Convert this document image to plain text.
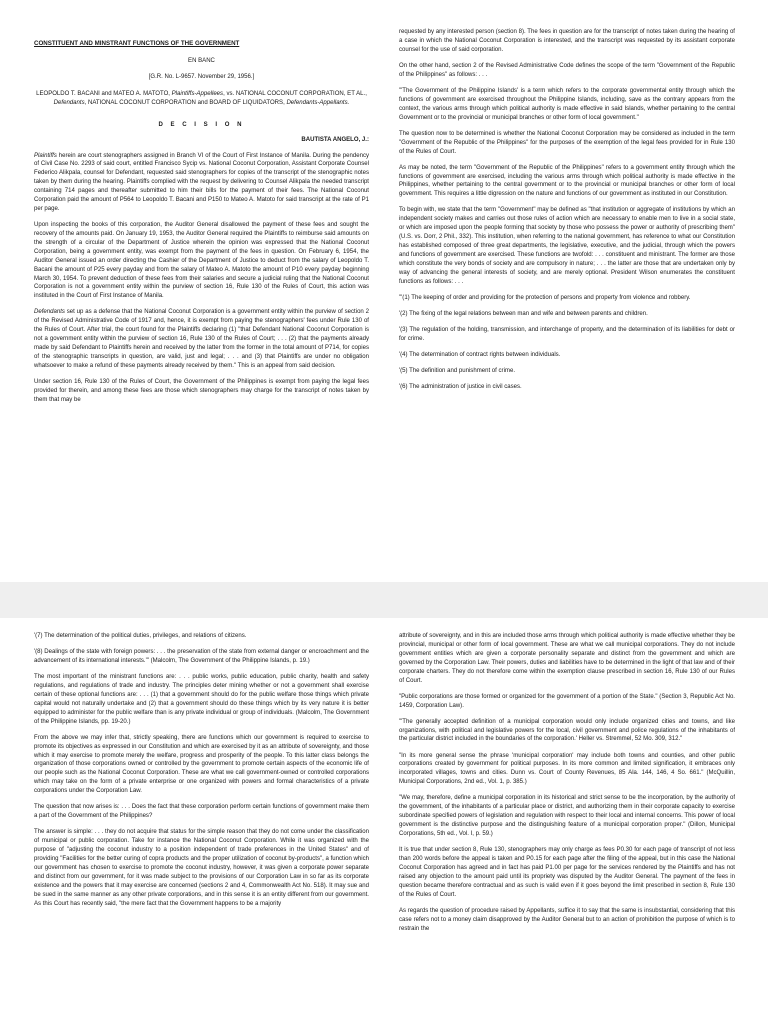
CONSTITUENT AND MINSTRANT FUNCTIONS OF THE GOVERNMENT
EN BANC
[G.R. No. L-9657. November 29, 1956.]
LEOPOLDO T. BACANI and MATEO A. MATOTO, Plaintiffs-Appellees, vs. NATIONAL COCONUT CORPORATION, ET AL., Defendants, NATIONAL COCONUT CORPORATION and BOARD OF LIQUIDATORS, Defendants-Appellants.
D E C I S I O N
BAUTISTA ANGELO, J.:

Plaintiffs herein are court stenographers assigned in Branch VI of the Court of First Instance of Manila. During the pendency of Civil Case No. 2293 of said court, entitled Francisco Sycip vs. National Coconut Corporation, Assistant Corporate Counsel Federico Alikpala, counsel for Defendant, requested said stenographers for copies of the transcript of the stenographic notes taken by them during the hearing. Plaintiffs complied with the request by delivering to Counsel Alikpala the needed transcript containing 714 pages and thereafter submitted to him their bills for the payment of their fees. The National Coconut Corporation paid the amount of P564 to Leopoldo T. Bacani and P150 to Mateo A. Matoto for said transcript at the rate of P1 per page.

Upon inspecting the books of this corporation, the Auditor General disallowed the payment of these fees and sought the recovery of the amounts paid. On January 19, 1953, the Auditor General required the Plaintiffs to reimburse said amounts on the strength of a circular of the Department of Justice wherein the opinion was expressed that the National Coconut Corporation, being a government entity, was exempt from the payment of the fees in question. On February 6, 1954, the Auditor General issued an order directing the Cashier of the Department of Justice to deduct from the salary of Leopoldo T. Bacani the amount of P25 every payday and from the salary of Mateo A. Matoto the amount of P10 every payday beginning March 30, 1954. To prevent deduction of these fees from their salaries and secure a judicial ruling that the National Coconut Corporation is not a government entity within the purview of section 16, Rule 130 of the Rules of Court, this action was instituted in the Court of First Instance of Manila.

Defendants set up as a defense that the National Coconut Corporation is a government entity within the purview of section 2 of the Revised Administrative Code of 1917 and, hence, it is exempt from paying the stenographers' fees under Rule 130 of the Rules of Court. After trial, the court found for the Plaintiffs declaring (1) "that Defendant National Coconut Corporation is not a government entity within the purview of section 16, Rule 130 of the Rules of Court; . . . (2) that the payments already made by said Defendant to Plaintiffs herein and received by the latter from the former in the total amount of P714, for copies of the stenographic transcripts in question, are valid, just and legal; . . . and (3) that Plaintiffs are under no obligation whatsoever to make a refund of these payments already received by them." This is an appeal from said decision.

Under section 16, Rule 130 of the Rules of Court, the Government of the Philippines is exempt from paying the legal fees provided for therein, and among these fees are those which stenographers may charge for the transcript of notes taken by them that may be

requested by any interested person (section 8). The fees in question are for the transcript of notes taken during the hearing of a case in which the National Coconut Corporation is interested, and the transcript was requested by its assistant corporate counsel for the use of said corporation.

On the other hand, section 2 of the Revised Administrative Code defines the scope of the term "Government of the Republic of the Philippines" as follows: . . .

"'The Government of the Philippine Islands' is a term which refers to the corporate governmental entity through which the functions of government are exercised throughout the Philippine Islands, including, save as the contrary appears from the context, the various arms through which political authority is made effective in said Islands, whether pertaining to the central Government or to the provincial or municipal branches or other form of local government."

The question now to be determined is whether the National Coconut Corporation may be considered as included in the term "Government of the Republic of the Philippines" for the purposes of the exemption of the legal fees provided for in Rule 130 of the Rules of Court.

As may be noted, the term "Government of the Republic of the Philippines" refers to a government entity through which the functions of government are exercised, including the various arms through which political authority is made effective in the Philippines, whether pertaining to the central government or to the provincial or municipal branches or other form of local government. This requires a little digression on the nature and functions of our government as instituted in our Constitution.

To begin with, we state that the term "Government" may be defined as "that institution or aggregate of institutions by which an independent society makes and carries out those rules of action which are necessary to enable men to live in a social state, or which are imposed upon the people forming that society by those who possess the power or authority of prescribing them" (U.S. vs. Dorr, 2 Phil., 332). This institution, when referring to the national government, has reference to what our Constitution has established composed of three great departments, the legislative, executive, and the judicial, through which the powers and functions of government are exercised. These functions are twofold: . . . constituent and ministrant. The former are those which constitute the very bonds of society and are compulsory in nature; . . . the latter are those that are undertaken only by way of advancing the general interests of society, and are merely optional. President Wilson enumerates the constituent functions as follows: . . .

"'(1) The keeping of order and providing for the protection of persons and property from violence and robbery.

'(2) The fixing of the legal relations between man and wife and between parents and children.

'(3) The regulation of the holding, transmission, and interchange of property, and the determination of its liabilities for debt or for crime.

'(4) The determination of contract rights between individuals.

'(5) The definition and punishment of crime.

'(6) The administration of justice in civil cases.

'(7) The determination of the political duties, privileges, and relations of citizens.

'(8) Dealings of the state with foreign powers: . . . the preservation of the state from external danger or encroachment and the advancement of its international interests.'" (Malcolm, The Government of the Philippine Islands, p. 19.)

The most important of the ministrant functions are: . . . public works, public education, public charity, health and safety regulations, and regulations of trade and industry. The principles deter mining whether or not a government shall exercise certain of these optional functions are: . . . (1) that a government should do for the public welfare those things which private capital would not naturally undertake and (2) that a government should do these things which by its very nature it is better equipped to administer for the public welfare than is any private individual or group of individuals. (Malcolm, The Government of the Philippine Islands, pp. 19-20.)

From the above we may infer that, strictly speaking, there are functions which our government is required to exercise to promote its objectives as expressed in our Constitution and which are exercised by it as an attribute of sovereignty, and those which it may exercise to promote merely the welfare, progress and prosperity of the people. To this latter class belongs the organization of those corporations owned or controlled by the government to promote certain aspects of the economic life of our people such as the National Coconut Corporation. These are what we call government-owned or controlled corporations which may take on the form of a private enterprise or one organized with powers and formal characteristics of a private corporations under the Corporation Law.

The question that now arises is: . . . Does the fact that these corporation perform certain functions of government make them a part of the Government of the Philippines?

The answer is simple: . . . they do not acquire that status for the simple reason that they do not come under the classification of municipal or public corporation. Take for instance the National Coconut Corporation. While it was organized with the purpose of "adjusting the coconut industry to a position independent of trade preferences in the United States" and of providing "Facilities for the better curing of copra products and the proper utilization of coconut by-products", a function which our government has chosen to exercise to promote the coconut industry, however, it was given a corporate power separate and distinct from our government, for it was made subject to the provisions of our Corporation Law in so far as its corporate existence and the powers that it may exercise are concerned (sections 2 and 4, Commonwealth Act No. 518). It may sue and be sued in the same manner as any other private corporations, and in this sense it is an entity different from our government. As this Court has recently said, "the mere fact that the Government happens to be a majority

attribute of sovereignty, and in this are included those arms through which political authority is made effective whether they be provincial, municipal or other form of local government. These are what we call municipal corporations. They do not include government entities which are given a corporate personality separate and distinct from the government and which are governed by the Corporation Law. Their powers, duties and liabilities have to be determined in the light of that law and of their corporate charters. They do not therefore come within the exemption clause prescribed in section 16, Rule 130 of our Rules of Court.

"Public corporations are those formed or organized for the government of a portion of the State." (Section 3, Republic Act No. 1459, Corporation Law).

"'The generally accepted definition of a municipal corporation would only include organized cities and towns, and like organizations, with political and legislative powers for the local, civil government and police regulations of the inhabitants of the particular district included in the boundaries of the corporation.' Heller vs. Stremmel, 52 Mo. 309, 312."

"In its more general sense the phrase 'municipal corporation' may include both towns and counties, and other public corporations created by government for political purposes. In its more common and limited signification, it embraces only incorporated villages, towns and cities. Dunn vs. Court of County Revenues, 85 Ala. 144, 146, 4 So. 661." (McQuillin, Municipal Corporations, 2nd ed., Vol. 1, p. 385.)

"We may, therefore, define a municipal corporation in its historical and strict sense to be the incorporation, by the authority of the government, of the inhabitants of a particular place or district, and authorizing them in their corporate capacity to exercise subordinate specified powers of legislation and regulation with respect to their local and internal concerns. This power of local government is the distinctive purpose and the distinguishing feature of a municipal corporation proper." (Dillon, Municipal Corporations, 5th ed., Vol. I, p. 59.)

It is true that under section 8, Rule 130, stenographers may only charge as fees P0.30 for each page of transcript of not less than 200 words before the appeal is taken and P0.15 for each page after the filing of the appeal, but in this case the National Coconut Corporation has agreed and in fact has paid P1.00 per page for the services rendered by the Plaintiffs and has not raised any objection to the amount paid until its propriety was disputed by the Auditor General. The payment of the fees in question became therefore contractual and as such is valid even if it goes beyond the limit prescribed in section 8, Rule 130 of the Rules of Court.

As regards the question of procedure raised by Appellants, suffice it to say that the same is insubstantial, considering that this case refers not to a money claim disapproved by the Auditor General but to an action of prohibition the purpose of which is to restrain the
